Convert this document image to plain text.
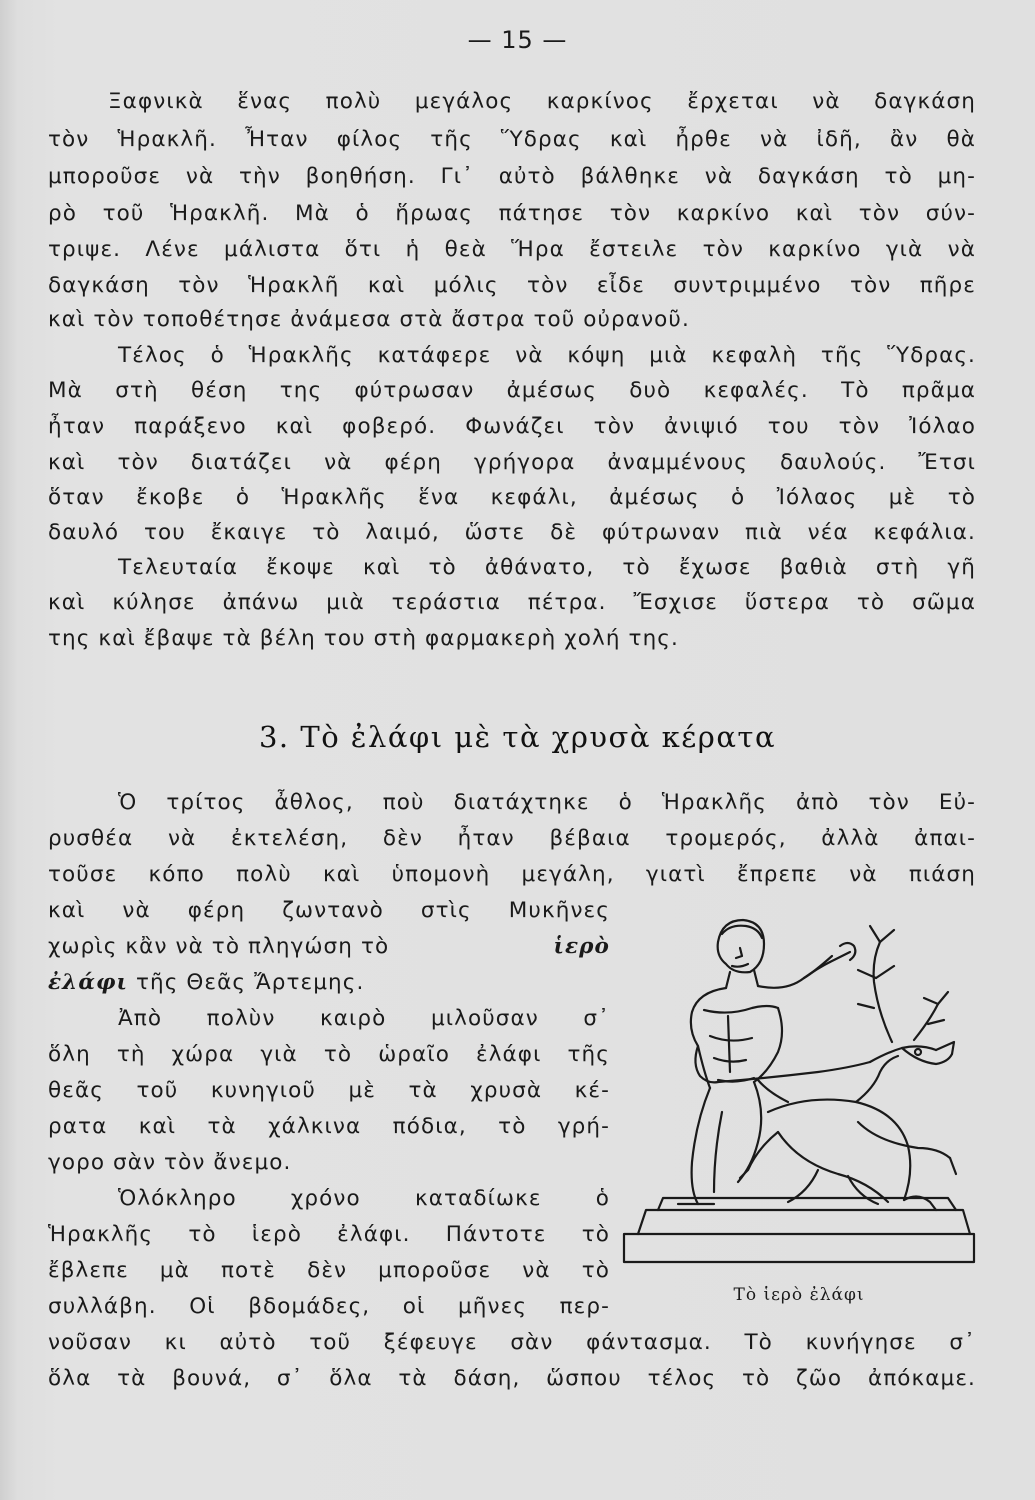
— 15 —
Ξαφνικὰ ἕνας πολὺ μεγάλος καρκίνος ἔρχεται νὰ δαγκάση
τὸν Ἡρακλῆ. Ἦταν φίλος τῆς Ὕδρας καὶ ἦρθε νὰ ἰδῆ, ἂν θὰ
μποροῦσε νὰ τὴν βοηθήση. Γι᾽ αὐτὸ βάλθηκε νὰ δαγκάση τὸ μη-
ρὸ τοῦ Ἡρακλῆ. Μὰ ὁ ἥρωας πάτησε τὸν καρκίνο καὶ τὸν σύν-
τριψε. Λένε μάλιστα ὅτι ἡ θεὰ Ἥρα ἔστειλε τὸν καρκίνο γιὰ νὰ
δαγκάση τὸν Ἡρακλῆ καὶ μόλις τὸν εἶδε συντριμμένο τὸν πῆρε
καὶ τὸν τοποθέτησε ἀνάμεσα στὰ ἄστρα τοῦ οὐρανοῦ.
Τέλος ὁ Ἡρακλῆς κατάφερε νὰ κόψη μιὰ κεφαλὴ τῆς Ὕδρας.
Μὰ στὴ θέση της φύτρωσαν ἀμέσως δυὸ κεφαλές. Τὸ πρᾶμα
ἦταν παράξενο καὶ φοβερό. Φωνάζει τὸν ἀνιψιό του τὸν Ἰόλαο
καὶ τὸν διατάζει νὰ φέρη γρήγορα ἀναμμένους δαυλούς. Ἔτσι
ὅταν ἔκοβε ὁ Ἡρακλῆς ἕνα κεφάλι, ἀμέσως ὁ Ἰόλαος μὲ τὸ
δαυλό του ἔκαιγε τὸ λαιμό, ὥστε δὲ φύτρωναν πιὰ νέα κεφάλια.
Τελευταία ἔκοψε καὶ τὸ ἀθάνατο, τὸ ἔχωσε βαθιὰ στὴ γῆ
καὶ κύλησε ἀπάνω μιὰ τεράστια πέτρα. Ἔσχισε ὕστερα τὸ σῶμα
της καὶ ἔβαψε τὰ βέλη του στὴ φαρμακερὴ χολή της.
3. Τὸ ἐλάφι μὲ τὰ χρυσὰ κέρατα
Ὁ τρίτος ἆθλος, ποὺ διατάχτηκε ὁ Ἡρακλῆς ἀπὸ τὸν Εὐ-
ρυσθέα νὰ ἐκτελέση, δὲν ἦταν βέβαια τρομερός, ἀλλὰ ἀπαι-
τοῦσε κόπο πολὺ καὶ ὑπομονὴ μεγάλη, γιατὶ ἔπρεπε νὰ πιάση
καὶ νὰ φέρη ζωντανὸ στὶς Μυκῆνες
χωρὶς κἂν νὰ τὸ πληγώση τὸ	ἱερὸ
ἐλάφι τῆς Θεᾶς Ἄρτεμης.
Ἀπὸ πολὺν καιρὸ μιλοῦσαν σ᾽
ὅλη τὴ χώρα γιὰ τὸ ὡραῖο ἐλάφι τῆς
θεᾶς τοῦ κυνηγιοῦ μὲ τὰ χρυσὰ κέ-
ρατα καὶ τὰ χάλκινα πόδια, τὸ γρή-
γορο σὰν τὸν ἄνεμο.
Ὁλόκληρο χρόνο καταδίωκε ὁ
Ἡρακλῆς τὸ ἱερὸ ἐλάφι. Πάντοτε τὸ
ἔβλεπε μὰ ποτὲ δὲν μποροῦσε νὰ τὸ
συλλάβη. Οἱ βδομάδες, οἱ μῆνες περ-
νοῦσαν κι αὐτὸ τοῦ ξέφευγε σὰν φάντασμα. Τὸ κυνήγησε σ᾽
ὅλα τὰ βουνά, σ᾽ ὅλα τὰ δάση, ὥσπου τέλος τὸ ζῶο ἀπόκαμε.
Τὸ ἱερὸ ἐλάφι
